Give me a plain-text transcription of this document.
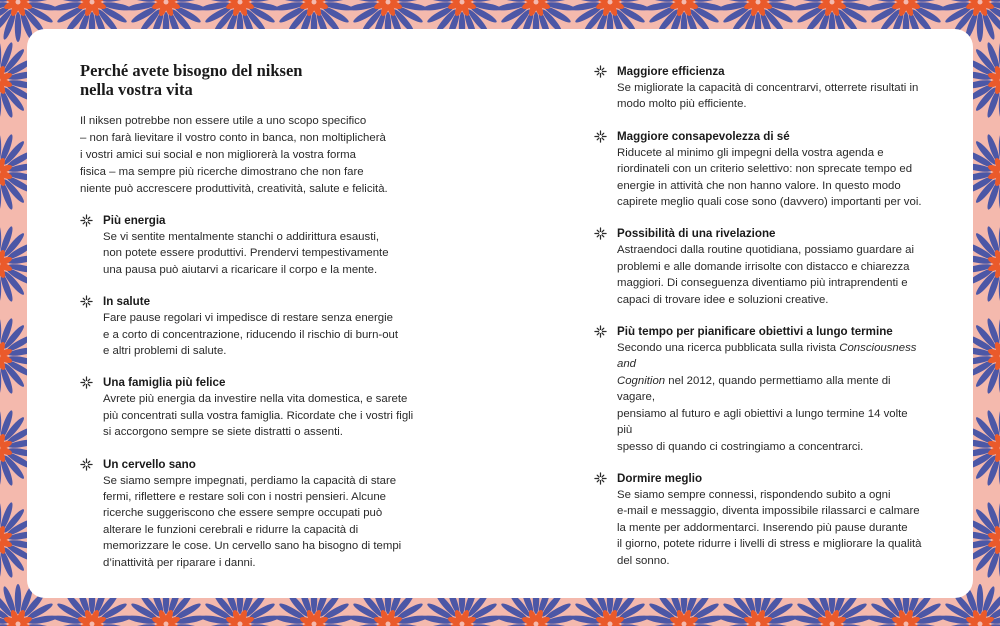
Perché avete bisogno del niksen
nella vostra vita

Il niksen potrebbe non essere utile a uno scopo specifico
– non farà lievitare il vostro conto in banca, non moltiplicherà
i vostri amici sui social e non migliorerà la vostra forma
fisica – ma sempre più ricerche dimostrano che non fare
niente può accrescere produttività, creatività, salute e felicità.

Più energia
Se vi sentite mentalmente stanchi o addirittura esausti,
non potete essere produttivi. Prendervi tempestivamente
una pausa può aiutarvi a ricaricare il corpo e la mente.
In salute
Fare pause regolari vi impedisce di restare senza energie
e a corto di concentrazione, riducendo il rischio di burn-out
e altri problemi di salute.
Una famiglia più felice
Avrete più energia da investire nella vita domestica, e sarete
più concentrati sulla vostra famiglia. Ricordate che i vostri figli
si accorgono sempre se siete distratti o assenti.
Un cervello sano
Se siamo sempre impegnati, perdiamo la capacità di stare
fermi, riflettere e restare soli con i nostri pensieri. Alcune
ricerche suggeriscono che essere sempre occupati può
alterare le funzioni cerebrali e ridurre la capacità di
memorizzare le cose. Un cervello sano ha bisogno di tempi
d’inattività per riparare i danni.
Maggiore efficienza
Se migliorate la capacità di concentrarvi, otterrete risultati in
modo molto più efficiente.
Maggiore consapevolezza di sé
Riducete al minimo gli impegni della vostra agenda e
riordinateli con un criterio selettivo: non sprecate tempo ed
energie in attività che non hanno valore. In questo modo
capirete meglio quali cose sono (davvero) importanti per voi.
Possibilità di una rivelazione
Astraendoci dalla routine quotidiana, possiamo guardare ai
problemi e alle domande irrisolte con distacco e chiarezza
maggiori. Di conseguenza diventiamo più intraprendenti e
capaci di trovare idee e soluzioni creative.
Più tempo per pianificare obiettivi a lungo termine
Secondo una ricerca pubblicata sulla rivista Consciousness and
Cognition nel 2012, quando permettiamo alla mente di vagare,
pensiamo al futuro e agli obiettivi a lungo termine 14 volte più
spesso di quando ci costringiamo a concentrarci.
Dormire meglio
Se siamo sempre connessi, rispondendo subito a ogni
e-mail e messaggio, diventa impossibile rilassarci e calmare
la mente per addormentarci. Inserendo più pause durante
il giorno, potete ridurre i livelli di stress e migliorare la qualità
del sonno.
